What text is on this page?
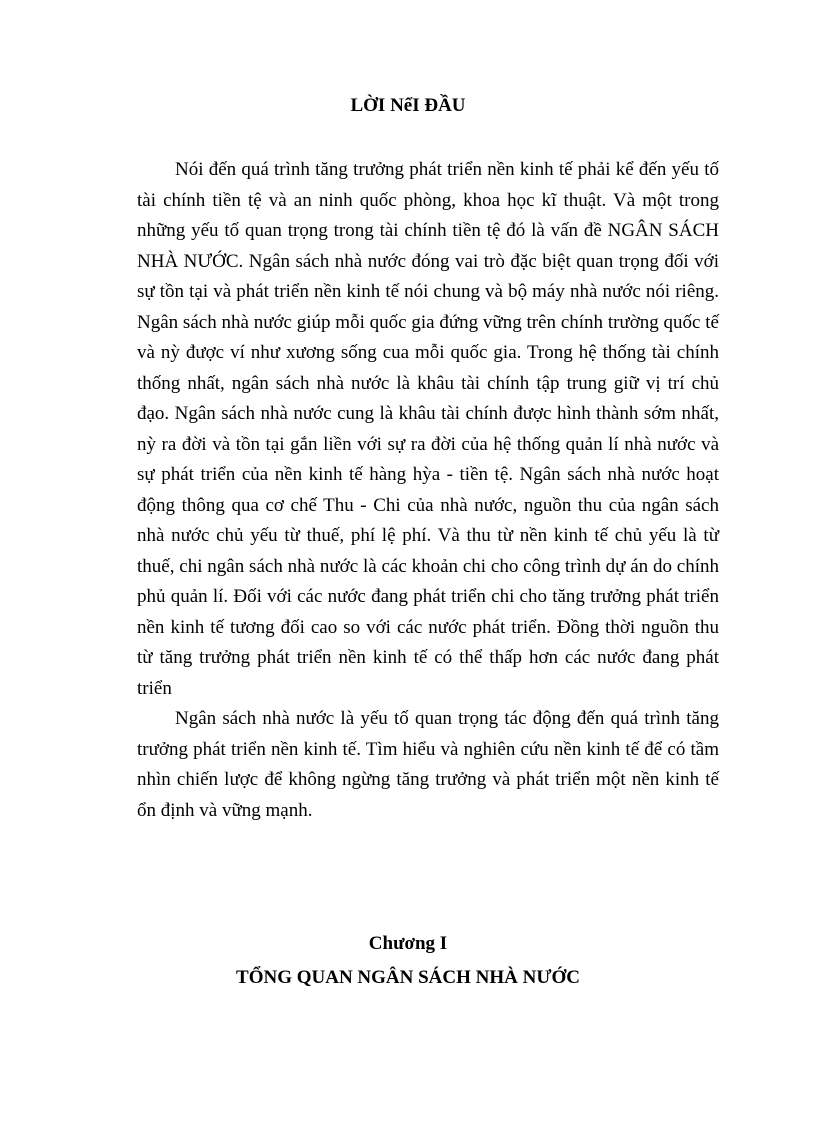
LỜI NểI ĐẦU

Nói đến quá trình tăng trưởng phát triển nền kinh tế phải kể đến yếu tố tài chính tiền tệ và an ninh quốc phòng, khoa học kĩ thuật. Và một trong những yếu tố quan trọng trong tài chính tiền tệ đó là vấn đề NGÂN SÁCH NHÀ NƯỚC. Ngân sách nhà nước đóng vai trò đặc biệt quan trọng đối với sự tồn tại và phát triển nền kinh tế nói chung và bộ máy nhà nước nói riêng. Ngân sách nhà nước giúp mỗi quốc gia đứng vững trên chính trường quốc tế và nỳ được ví như xương sống cua mỗi quốc gia. Trong hệ thống tài chính thống nhất, ngân sách nhà nước là khâu tài chính tập trung giữ vị trí chủ đạo. Ngân sách nhà nước cung là khâu tài chính được hình thành sớm nhất, nỳ ra đời và tồn tại gắn liền với sự ra đời của hệ thống quản lí nhà nước và sự phát triển của nền kinh tế hàng hỳa - tiền tệ. Ngân sách nhà nước hoạt động thông qua cơ chế Thu - Chi của nhà nước, nguồn thu của ngân sách nhà nước chủ yếu từ thuế, phí lệ phí. Và thu từ nền kinh tế chủ yếu là từ thuế, chi ngân sách nhà nước là các khoản chi cho công trình dự án do chính phủ quản lí. Đối với các nước đang phát triển chi cho tăng trưởng phát triển nền kinh tế tương đối cao so với các nước phát triển. Đồng thời nguồn thu từ tăng trưởng phát triển nền kinh tế có thể thấp hơn các nước đang phát triển

Ngân sách nhà nước là yếu tố quan trọng tác động đến quá trình tăng trưởng phát triển nền kinh tế. Tìm hiểu và nghiên cứu nền kinh tế để có tầm nhìn chiến lược để không ngừng tăng trưởng và phát triển một nền kinh tế ổn định và vững mạnh.

Chương I
TỔNG QUAN NGÂN SÁCH NHÀ NƯỚC
